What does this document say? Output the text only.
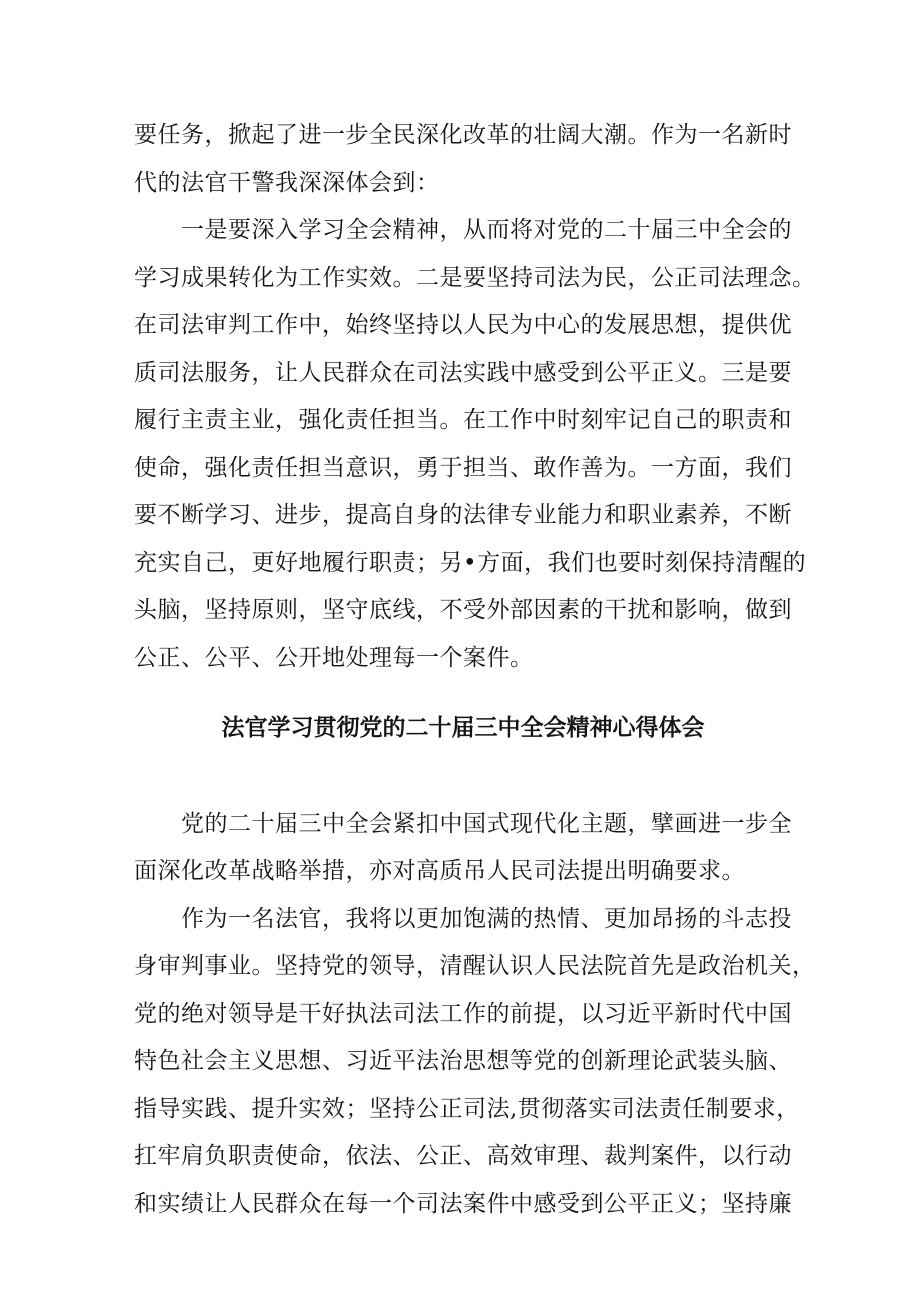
要任务，掀起了进一步全民深化改革的壮阔大潮。作为一名新时
代的法官干警我深深体会到：
　　一是要深入学习全会精神，从而将对党的二十届三中全会的
学习成果转化为工作实效。二是要坚持司法为民，公正司法理念。
在司法审判工作中，始终坚持以人民为中心的发展思想，提供优
质司法服务，让人民群众在司法实践中感受到公平正义。三是要
履行主责主业，强化责任担当。在工作中时刻牢记自己的职责和
使命，强化责任担当意识，勇于担当、敢作善为。一方面，我们
要不断学习、进步，提高自身的法律专业能力和职业素养，不断
充实自己，更好地履行职责；另•方面，我们也要时刻保持清醒的
头脑，坚持原则，坚守底线，不受外部因素的干扰和影响，做到
公正、公平、公开地处理每一个案件。
法官学习贯彻党的二十届三中全会精神心得体会
　　党的二十届三中全会紧扣中国式现代化主题，擘画进一步全
面深化改革战略举措，亦对高质吊人民司法提出明确要求。
　　作为一名法官，我将以更加饱满的热情、更加昂扬的斗志投
身审判事业。坚持党的领导，清醒认识人民法院首先是政治机关，
党的绝对领导是干好执法司法工作的前提，以习近平新时代中国
特色社会主义思想、习近平法治思想等党的创新理论武装头脑、
指导实践、提升实效；坚持公正司法,贯彻落实司法责任制要求，
扛牢肩负职责使命，依法、公正、高效审理、裁判案件，以行动
和实绩让人民群众在每一个司法案件中感受到公平正义；坚持廉
